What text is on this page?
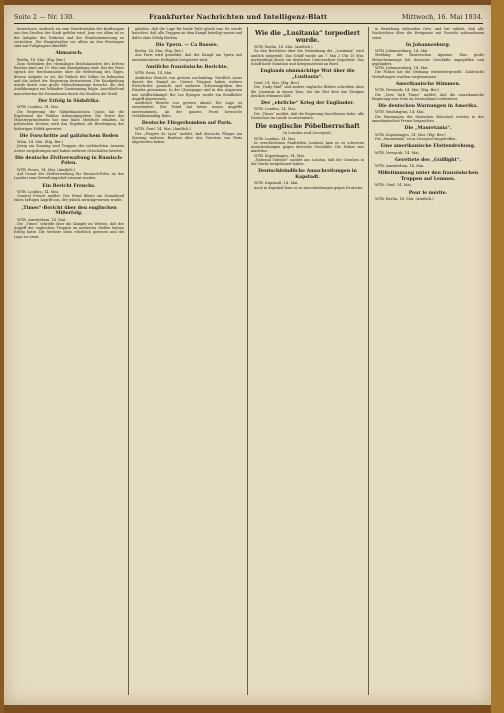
Seite 2 — Nr. 130.	Frankfurter Nachrichten und Intelligenz-Blatt	Mittwoch, 16. Mai 1934.
bezeichnen, wodurch sie zum Verschwinden der Kraftwagen aus den Straßen der Stadt geführt wird. Jene vor allem ist es der Aufgabe des Verkehrs und der Straßenbenutzung zu verzichten. Die Hauptstraßen vor allem an den Feiertagen sind mit Fußgängern überfüllt.
Abmarsch.
Berlin, 14. Mai. (Eig. Ber.)
Zum Gedenken des ehemaligen Reichskanzlers des Dritten Reiches fand am 19. Mai eine Kundgebung statt. Bei der Feier sprach der Reichsminister über die Bedeutung des Tages, dessen Aufgabe es sei, die Einheit des Volkes zu bekunden und die Arbeit der Regierung fortzusetzen. Die Kundgebung wurde durch eine große Menschenmenge besucht, die den Ausführungen mit lebhafter Zustimmung folgte. Anschließend marschierten die Formationen durch die Straßen der Stadt.
Der Erfolg in Südafrika.
WTB. London, 14. Mai.
Die Regierung der Südafrikanischen Union hat die Ergebnisse der Wahlen bekanntgegeben. Die Partei des Ministerpräsidenten hat eine klare Mehrheit erhalten. In politischen Kreisen wird das Ergebnis als Bestätigung der bisherigen Politik gewertet.
Die Forschritte auf galizischem Boden
Wien, 14. Mai. (Eig. Ber.)
Jetzig am Sonntag sind Truppen der verbündeten Armeen weiter vorgedrungen und haben mehrere Ortschaften besetzt.
Die deutsche Zivilverwaltung in Russisch-Polen.
WTB. Posen, 14. Mai. (Amtlich.)
Auf Grund der Zivilverwaltung für Russisch-Polen ist der Landrat zum Verwaltungschef ernannt worden.
Ein Bericht Frenchs.
WTB. London, 14. Mai.
General French meldet: Der Feind führte am Sonnabend einen heftigen Angriff aus, der jedoch zurückgewiesen wurde.
„Times“-Bericht über den englischen Mißerfolg.
WTB. Amsterdam, 14. Mai.
Die „Times“ schreibt über die Kämpfe im Westen, daß der Angriff der englischen Truppen an mehreren Stellen keinen Erfolg hatte. Die Verluste seien erheblich gewesen und die Lage sei ernst.
geladen, daß die Lage für beide Teile gleich war. Es wurde berichtet, daß alle Truppen an dem Kampf beteiligt waren und dabei ohne Erfolg blieben.
Die Ypern. — Ca Bassée.
Berlin, 14. Mai. (Eig. Ber.)
Aus Paris wird gemeldet, daß der Kampf um Ypern mit unverminderter Heftigkeit fortgesetzt wird.
Amtliche französische Berichte.
WTB. Paris, 14. Mai.
Amtlicher Bericht von gestern nachmittag: Nördlich Arras dauert der Kampf an. Unsere Truppen haben weitere Fortschritte gemacht und mehrere Schützengräben des Feindes genommen. In der Champagne und in den Argonnen nur Artilleriekampf. Bei Les Eparges wurde ein feindlicher Angriff abgewiesen.
Amtlicher Bericht von gestern abend: Die Lage ist unverändert. Der Feind hat keine neuen Angriffe unternommen. An der ganzen Front herrschte verhältnismäßig Ruhe.
Deutsche Fliegerbomben auf Paris.
WTB. Genf, 14. Mai. (Amtlich.)
Der „Progrès de Lyon“ meldet, daß deutsche Flieger am Sonntag mehrere Bomben über den Vororten von Paris abgeworfen haben.
Wie die „Lusitania“ torpediert wurde.
WTB. Berlin, 14. Mai. (Amtlich.)
Zu den Berichten über die Versenkung der „Lusitania“ wird amtlich mitgeteilt: Das Schiff wurde am 7. Mai 2 Uhr 15 Min. nachmittags durch ein deutsches Unterseeboot torpediert. Das Schiff hatte Munition und Kriegsmaterial an Bord.
Englands ohnmächtige Wut über die „Lusitania“.
Genf, 14. Mai. (Eig. Ber.)
Die „Daily Mail“ und andere englische Blätter schreiben über die Lusitania in einem Tone, der die Wut über das Ereignis deutlich erkennen läßt.
Der „ehrliche“ Krieg der Engländer.
WTB. London, 14. Mai.
Die „Times“ meldet, daß die Regierung beschlossen habe, alle Deutschen im Lande zu internieren.
Die englische Pöbelherrschaft
In London und Liverpool.
WTB. London, 14. Mai.
In verschiedenen Stadtteilen Londons kam es zu schweren Ausschreitungen gegen deutsche Geschäfte. Die Polizei war machtlos.
WTB. Kopenhagen, 14. Mai.
„National Tidende“ meldet aus London, daß die Unruhen in der Nacht fortgedauert haben.
Deutschfeindliche Ausschreitungen in Kapstadt.
WTB. Kapstadt, 14. Mai.
Auch in Kapstadt kam es zu Ausschreitungen gegen Deutsche.
in Beziehung stehenden Orte, und hat erklärt, daß alle Nachrichten über die Ereignisse mit Vorsicht aufzunehmen seien.
In Johannesburg.
WTB. Johannesburg, 14. Mai.
Meldung der Reuterschen Agentur: Eine große Menschenmenge hat deutsche Geschäfte angegriffen und geplündert.
WTB. Johannesburg, 14. Mai.
Die Polizei hat die Ordnung wiederhergestellt. Zahlreiche Verhaftungen wurden vorgenommen.
Amerikanische Stimmen.
WTB. Newyork, 14. Mai. (Eig. Ber.)
Die „New York Times“ meldet, daß die amerikanische Regierung eine Note an Deutschland vorbereitet.
Die deutschen Warnungen in Amerika.
WTB. Washington, 14. Mai.
Die Warnungen der deutschen Botschaft werden in der amerikanischen Presse besprochen.
Die „Mauretania“.
WTB. Kopenhagen, 14. Mai. (Eig. Ber.)
Die „Mauretania“ ist in Liverpool eingetroffen.
Eine amerikanische Flottendrohung.
WTB. Newyork, 14. Mai.
Gerettete des „Gulflight“.
WTB. Amsterdam, 14. Mai.
Mißstimmung unter den französischen Truppen auf Lemnos.
WTB. Genf, 14. Mai.
Pour le mérite.
WTB. Berlin, 14. Mai. (Amtlich.)
